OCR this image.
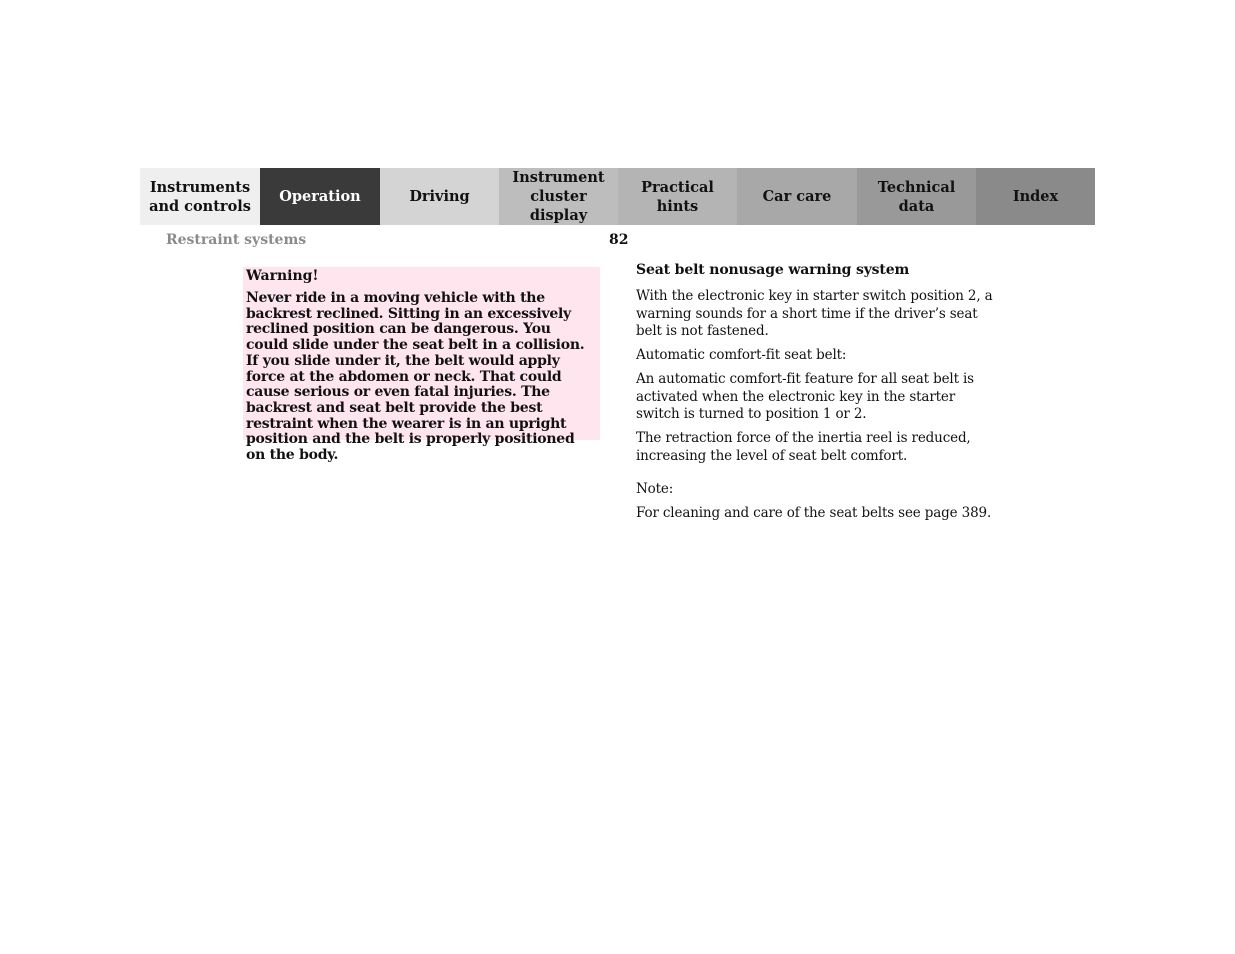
Instruments
and controls
Operation	Driving
Instrument
cluster display
Practical hints
Car care
Technical
data
Index
Restraint systems	82

Warning!

Never ride in a moving vehicle with the backrest reclined. Sitting in an excessively reclined position can be dangerous. You could slide under the seat belt in a collision. If you slide under it, the belt would apply force at the abdomen or neck. That could cause serious or even fatal injuries. The backrest and seat belt provide the best restraint when the wearer is in an upright position and the belt is properly positioned on the body.

Seat belt nonusage warning system

With the electronic key in starter switch position 2, a warning sounds for a short time if the driver’s seat belt is not fastened.

Automatic comfort-fit seat belt:

An automatic comfort-fit feature for all seat belt is activated when the electronic key in the starter switch is turned to position 1 or 2.

The retraction force of the inertia reel is reduced, increasing the level of seat belt comfort.

Note:

For cleaning and care of the seat belts see page 389.
